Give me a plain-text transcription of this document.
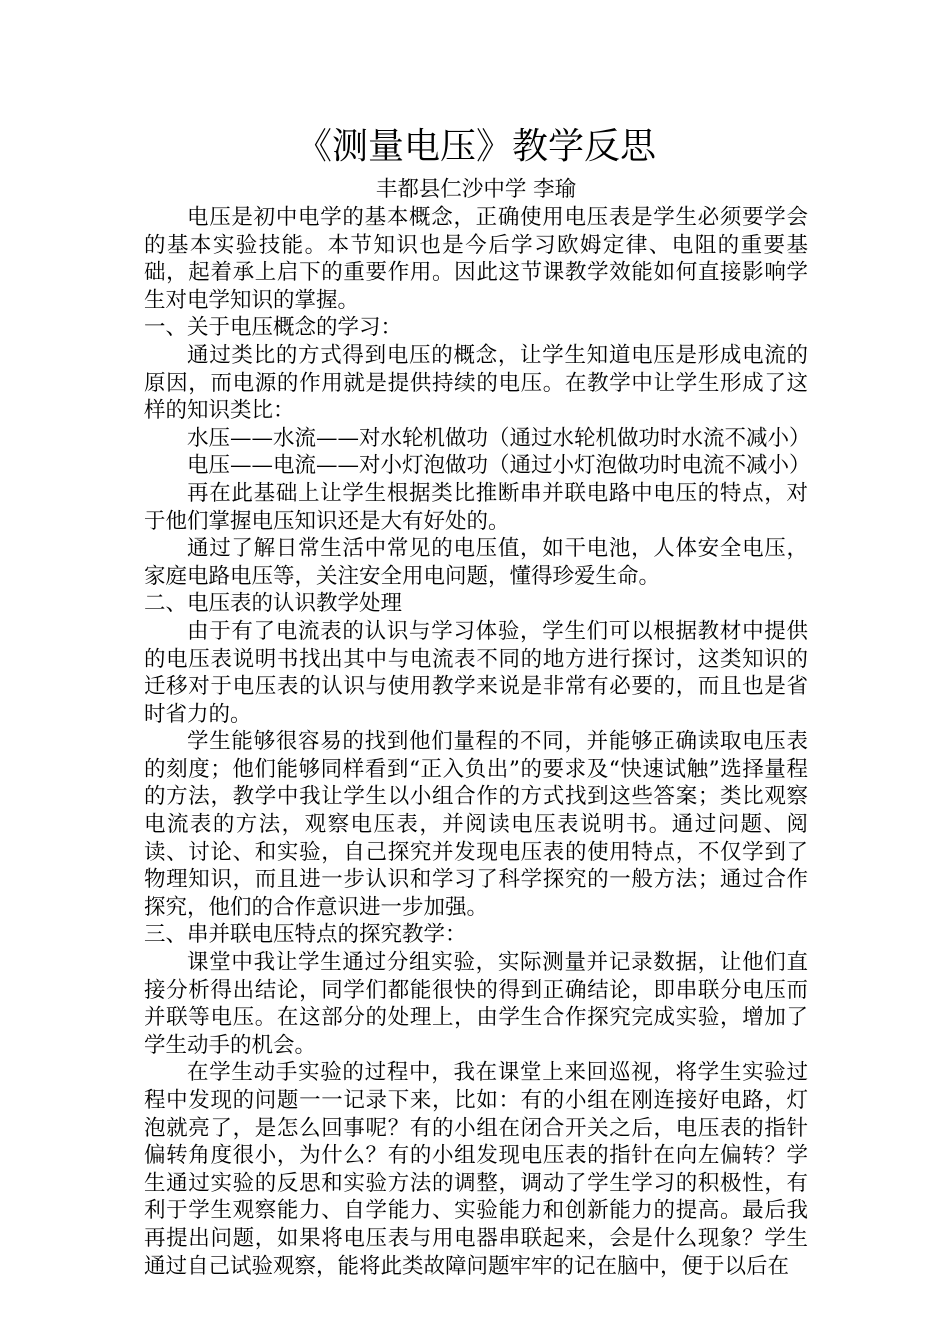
《测量电压》教学反思

丰都县仁沙中学 李瑜

电压是初中电学的基本概念，正确使用电压表是学生必须要学会的基本实验技能。本节知识也是今后学习欧姆定律、电阻的重要基础，起着承上启下的重要作用。因此这节课教学效能如何直接影响学生对电学知识的掌握。

一、关于电压概念的学习：

通过类比的方式得到电压的概念，让学生知道电压是形成电流的原因，而电源的作用就是提供持续的电压。在教学中让学生形成了这样的知识类比：

水压——水流——对水轮机做功（通过水轮机做功时水流不减小）

电压——电流——对小灯泡做功（通过小灯泡做功时电流不减小）

再在此基础上让学生根据类比推断串并联电路中电压的特点，对于他们掌握电压知识还是大有好处的。

通过了解日常生活中常见的电压值，如干电池，人体安全电压，家庭电路电压等，关注安全用电问题，懂得珍爱生命。

二、电压表的认识教学处理

由于有了电流表的认识与学习体验，学生们可以根据教材中提供的电压表说明书找出其中与电流表不同的地方进行探讨，这类知识的迁移对于电压表的认识与使用教学来说是非常有必要的，而且也是省时省力的。

学生能够很容易的找到他们量程的不同，并能够正确读取电压表的刻度；他们能够同样看到“正入负出”的要求及“快速试触”选择量程的方法，教学中我让学生以小组合作的方式找到这些答案；类比观察电流表的方法，观察电压表，并阅读电压表说明书。通过问题、阅读、讨论、和实验，自己探究并发现电压表的使用特点，不仅学到了物理知识，而且进一步认识和学习了科学探究的一般方法；通过合作探究，他们的合作意识进一步加强。

三、串并联电压特点的探究教学：

课堂中我让学生通过分组实验，实际测量并记录数据，让他们直接分析得出结论，同学们都能很快的得到正确结论，即串联分电压而并联等电压。在这部分的处理上，由学生合作探究完成实验，增加了学生动手的机会。

在学生动手实验的过程中，我在课堂上来回巡视，将学生实验过程中发现的问题一一记录下来，比如：有的小组在刚连接好电路，灯泡就亮了，是怎么回事呢？有的小组在闭合开关之后，电压表的指针偏转角度很小，为什么？有的小组发现电压表的指针在向左偏转？学生通过实验的反思和实验方法的调整，调动了学生学习的积极性，有利于学生观察能力、自学能力、实验能力和创新能力的提高。最后我再提出问题，如果将电压表与用电器串联起来，会是什么现象？学生通过自己试验观察，能将此类故障问题牢牢的记在脑中，便于以后在
